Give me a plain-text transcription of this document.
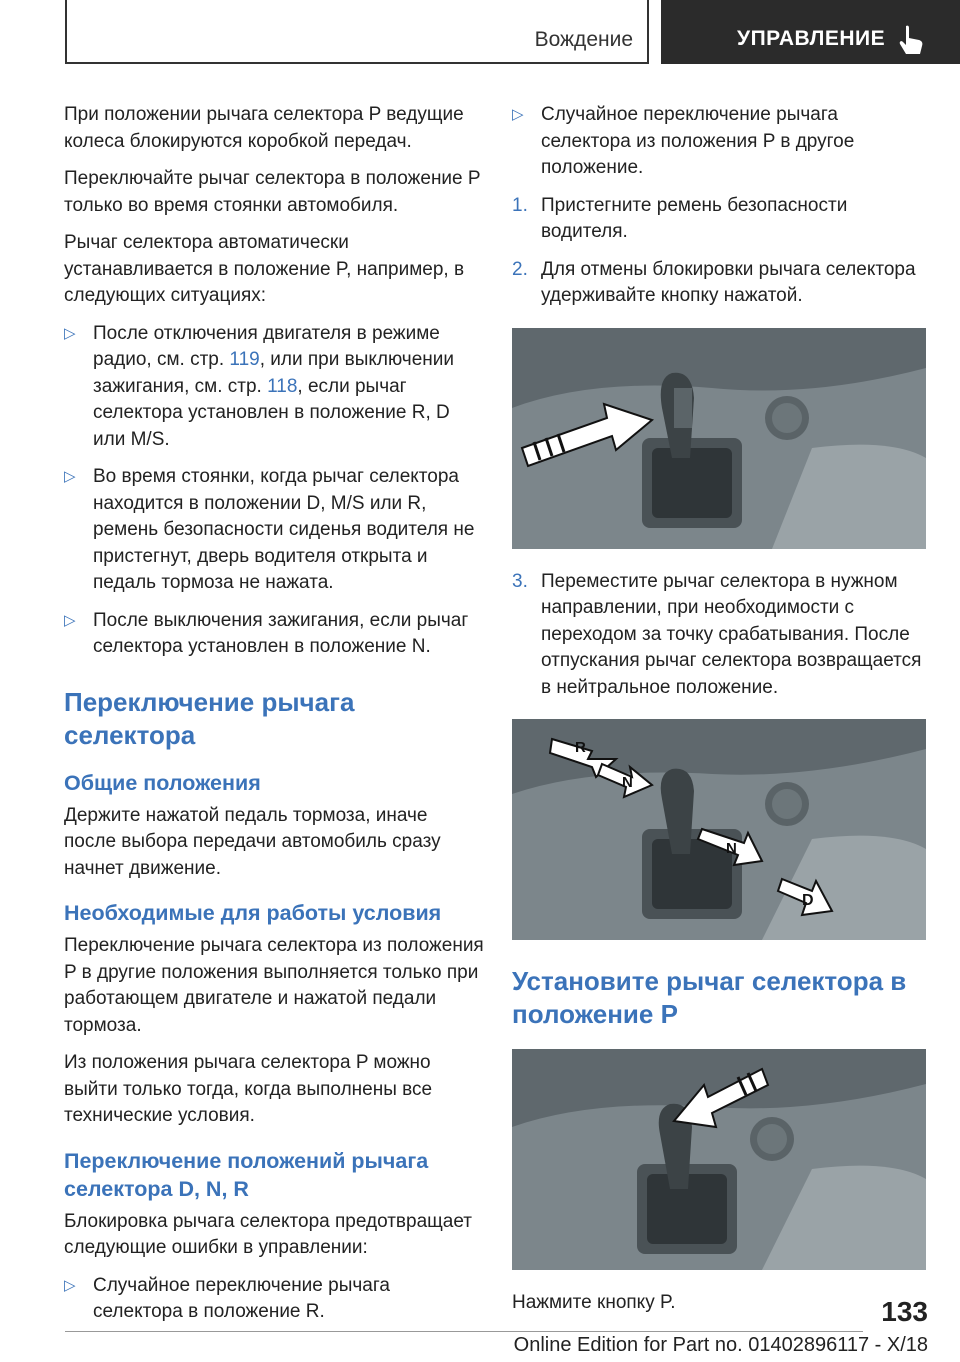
Вождение	УПРАВЛЕНИЕ

При положении рычага селектора P ведущие колеса блокируются коробкой передач.

Переключайте рычаг селектора в положение P только во время стоянки автомобиля.

Рычаг селектора автоматически устанавливается в положение P, например, в следующих ситуациях:

▷ После отключения двигателя в режиме радио, см. стр. 119, или при выключении зажигания, см. стр. 118, если рычаг селектора установлен в положение R, D или M/S.
▷ Во время стоянки, когда рычаг селектора находится в положении D, M/S или R, ремень безопасности сиденья водителя не пристегнут, дверь водителя открыта и педаль тормоза не нажата.
▷ После выключения зажигания, если рычаг селектора установлен в положение N.
Переключение рычага селектора
Общие положения

Держите нажатой педаль тормоза, иначе после выбора передачи автомобиль сразу начнет движение.

Необходимые для работы условия

Переключение рычага селектора из положения P в другие положения выполняется только при работающем двигателе и нажатой педали тормоза.

Из положения рычага селектора P можно выйти только тогда, когда выполнены все технические условия.

Переключение положений рычага селектора D, N, R

Блокировка рычага селектора предотвращает следующие ошибки в управлении:

▷ Случайное переключение рычага селектора в положение R.
▷ Случайное переключение рычага селектора из положения P в другое положение.
1. Пристегните ремень безопасности водителя.
2. Для отмены блокировки рычага селектора удерживайте кнопку нажатой.
3. Переместите рычаг селектора в нужном направлении, при необходимости с переходом за точку срабатывания. После отпускания рычаг селектора возвращается в нейтральное положение.
R
N
N
D
Установите рычаг селектора в положение P

Нажмите кнопку P.	133
Online Edition for Part no. 01402896117 - X/18
